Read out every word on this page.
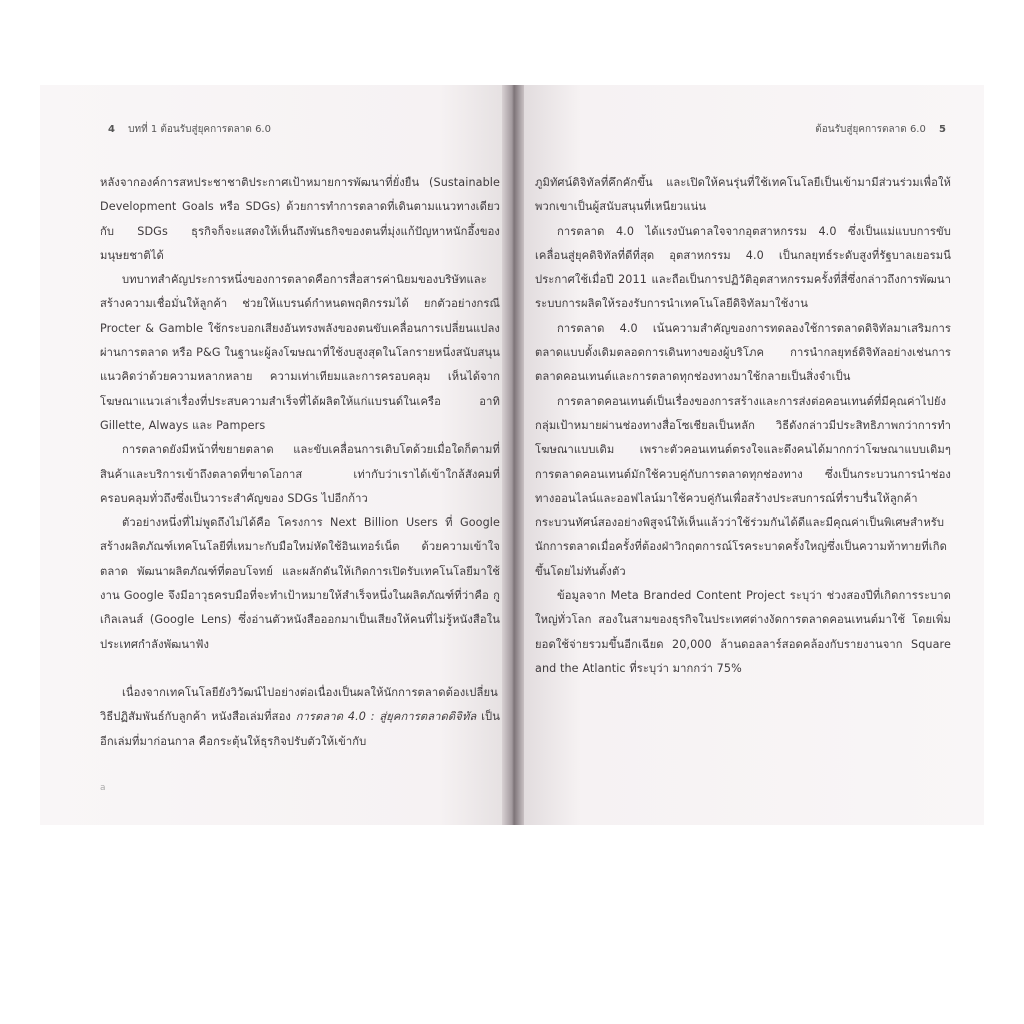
4 บทที่ 1 ต้อนรับสู่ยุคการตลาด 6.0

หลังจากองค์การสหประชาชาติประกาศเป้าหมายการพัฒนาที่ยั่งยืน (Sustainable Development Goals หรือ SDGs) ด้วยการทำการตลาดที่เดินตามแนวทางเดียวกับ SDGs ธุรกิจก็จะแสดงให้เห็นถึงพันธกิจของตนที่มุ่งแก้ปัญหาหนักอึ้งของมนุษยชาติได้

บทบาทสำคัญประการหนึ่งของการตลาดคือการสื่อสารค่านิยมของบริษัทและสร้างความเชื่อมั่นให้ลูกค้า ช่วยให้แบรนด์กำหนดพฤติกรรมได้ ยกตัวอย่างกรณี Procter & Gamble ใช้กระบอกเสียงอันทรงพลังของตนขับเคลื่อนการเปลี่ยนแปลงผ่านการตลาด หรือ P&G ในฐานะผู้ลงโฆษณาที่ใช้งบสูงสุดในโลกรายหนึ่งสนับสนุนแนวคิดว่าด้วยความหลากหลาย ความเท่าเทียมและการครอบคลุม เห็นได้จากโฆษณาแนวเล่าเรื่องที่ประสบความสำเร็จที่ได้ผลิตให้แก่แบรนด์ในเครือ อาทิ Gillette, Always และ Pampers

การตลาดยังมีหน้าที่ขยายตลาด และขับเคลื่อนการเติบโตด้วยเมื่อใดก็ตามที่สินค้าและบริการเข้าถึงตลาดที่ขาดโอกาส เท่ากับว่าเราได้เข้าใกล้สังคมที่ครอบคลุมทั่วถึงซึ่งเป็นวาระสำคัญของ SDGs ไปอีกก้าว

ตัวอย่างหนึ่งที่ไม่พูดถึงไม่ได้คือ โครงการ Next Billion Users ที่ Google สร้างผลิตภัณฑ์เทคโนโลยีที่เหมาะกับมือใหม่หัดใช้อินเทอร์เน็ต ด้วยความเข้าใจตลาด พัฒนาผลิตภัณฑ์ที่ตอบโจทย์ และผลักดันให้เกิดการเปิดรับเทคโนโลยีมาใช้งาน Google จึงมีอาวุธครบมือที่จะทำเป้าหมายให้สำเร็จหนึ่งในผลิตภัณฑ์ที่ว่าคือ กูเกิลเลนส์ (Google Lens) ซึ่งอ่านตัวหนังสือออกมาเป็นเสียงให้คนที่ไม่รู้หนังสือในประเทศกำลังพัฒนาฟัง

เนื่องจากเทคโนโลยียังวิวัฒน์ไปอย่างต่อเนื่องเป็นผลให้นักการตลาดต้องเปลี่ยนวิธีปฏิสัมพันธ์กับลูกค้า หนังสือเล่มที่สอง การตลาด 4.0 : สู่ยุคการตลาดดิจิทัล เป็นอีกเล่มที่มาก่อนกาล คือกระตุ้นให้ธุรกิจปรับตัวให้เข้ากับ

a
ต้อนรับสู่ยุคการตลาด 6.0 5

ภูมิทัศน์ดิจิทัลที่คึกคักขึ้น และเปิดให้คนรุ่นที่ใช้เทคโนโลยีเป็นเข้ามามีส่วนร่วมเพื่อให้พวกเขาเป็นผู้สนับสนุนที่เหนียวแน่น

การตลาด 4.0 ได้แรงบันดาลใจจากอุตสาหกรรม 4.0 ซึ่งเป็นแม่แบบการขับเคลื่อนสู่ยุคดิจิทัลที่ดีที่สุด อุตสาหกรรม 4.0 เป็นกลยุทธ์ระดับสูงที่รัฐบาลเยอรมนีประกาศใช้เมื่อปี 2011 และถือเป็นการปฏิวัติอุตสาหกรรมครั้งที่สี่ซึ่งกล่าวถึงการพัฒนาระบบการผลิตให้รองรับการนำเทคโนโลยีดิจิทัลมาใช้งาน

การตลาด 4.0 เน้นความสำคัญของการทดลองใช้การตลาดดิจิทัลมาเสริมการตลาดแบบดั้งเดิมตลอดการเดินทางของผู้บริโภค การนำกลยุทธ์ดิจิทัลอย่างเช่นการตลาดคอนเทนต์และการตลาดทุกช่องทางมาใช้กลายเป็นสิ่งจำเป็น

การตลาดคอนเทนต์เป็นเรื่องของการสร้างและการส่งต่อคอนเทนต์ที่มีคุณค่าไปยังกลุ่มเป้าหมายผ่านช่องทางสื่อโซเชียลเป็นหลัก วิธีดังกล่าวมีประสิทธิภาพกว่าการทำโฆษณาแบบเดิม เพราะตัวคอนเทนต์ตรงใจและดึงคนได้มากกว่าโฆษณาแบบเดิมๆ การตลาดคอนเทนต์มักใช้ควบคู่กับการตลาดทุกช่องทาง ซึ่งเป็นกระบวนการนำช่องทางออนไลน์และออฟไลน์มาใช้ควบคู่กันเพื่อสร้างประสบการณ์ที่ราบรื่นให้ลูกค้า กระบวนทัศน์สองอย่างพิสูจน์ให้เห็นแล้วว่าใช้ร่วมกันได้ดีและมีคุณค่าเป็นพิเศษสำหรับนักการตลาดเมื่อครั้งที่ต้องฝ่าวิกฤตการณ์โรคระบาดครั้งใหญ่ซึ่งเป็นความท้าทายที่เกิดขึ้นโดยไม่ทันตั้งตัว

ข้อมูลจาก Meta Branded Content Project ระบุว่า ช่วงสองปีที่เกิดการระบาดใหญ่ทั่วโลก สองในสามของธุรกิจในประเทศต่างงัดการตลาดคอนเทนต์มาใช้ โดยเพิ่มยอดใช้จ่ายรวมขึ้นอีกเฉียด 20,000 ล้านดอลลาร์สอดคล้องกับรายงานจาก Square and the Atlantic ที่ระบุว่า มากกว่า 75%
